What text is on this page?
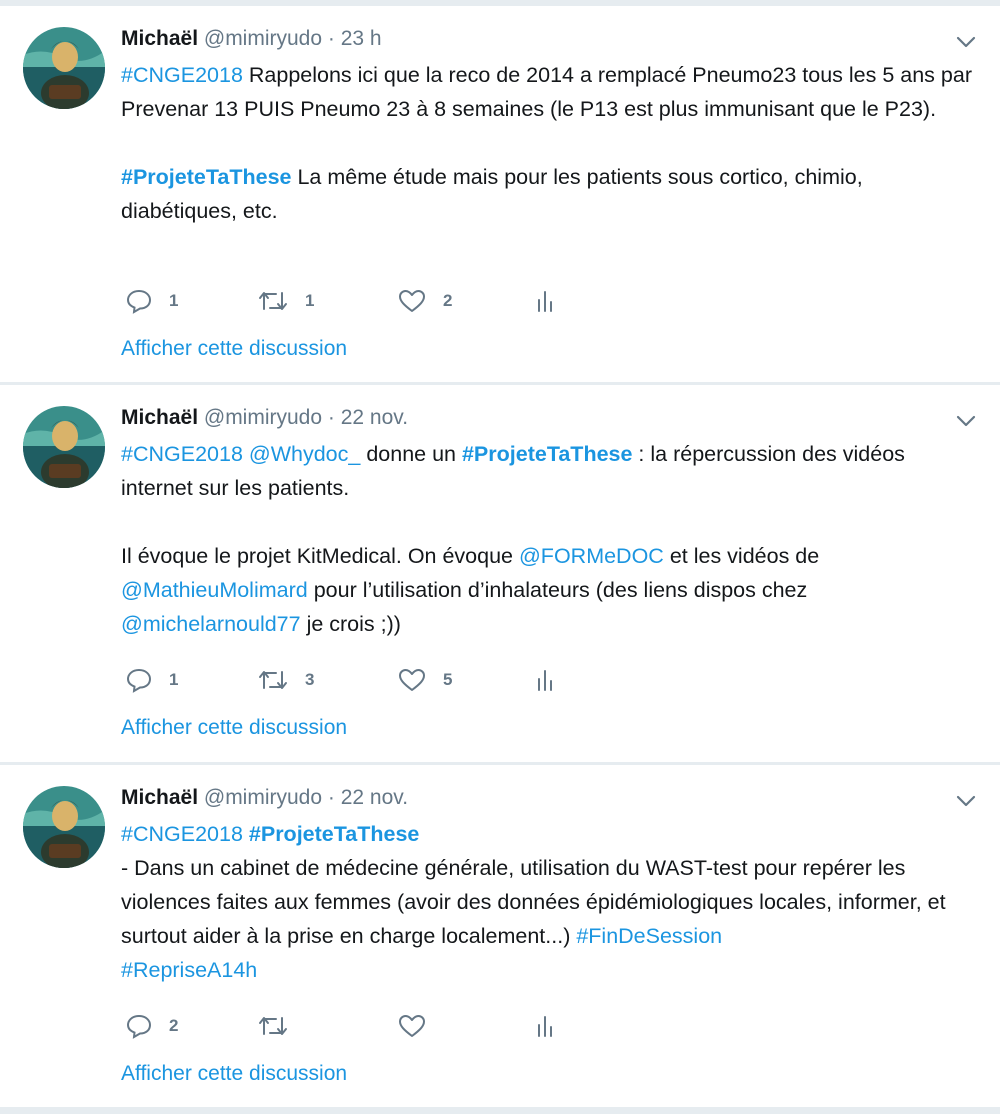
Michaël @mimiryudo · 23 h

#CNGE2018 Rappelons ici que la reco de 2014 a remplacé Pneumo23 tous les 5 ans par Prevenar 13 PUIS Pneumo 23 à 8 semaines (le P13 est plus immunisant que le P23).

#ProjeteTaThese La même étude mais pour les patients sous cortico, chimio, diabétiques, etc.

1	1	2
Afficher cette discussion
Michaël @mimiryudo · 22 nov.

#CNGE2018 @Whydoc_ donne un #ProjeteTaThese : la répercussion des vidéos internet sur les patients.

Il évoque le projet KitMedical. On évoque @FORMeDOC et les vidéos de @MathieuMolimard pour l’utilisation d’inhalateurs (des liens dispos chez @michelarnould77 je crois ;))

1	3	5
Afficher cette discussion
Michaël @mimiryudo · 22 nov.

#CNGE2018 #ProjeteTaThese
- Dans un cabinet de médecine générale, utilisation du WAST-test pour repérer les violences faites aux femmes (avoir des données épidémiologiques locales, informer, et surtout aider à la prise en charge localement...) #FinDeSession
#RepriseA14h

2
Afficher cette discussion
